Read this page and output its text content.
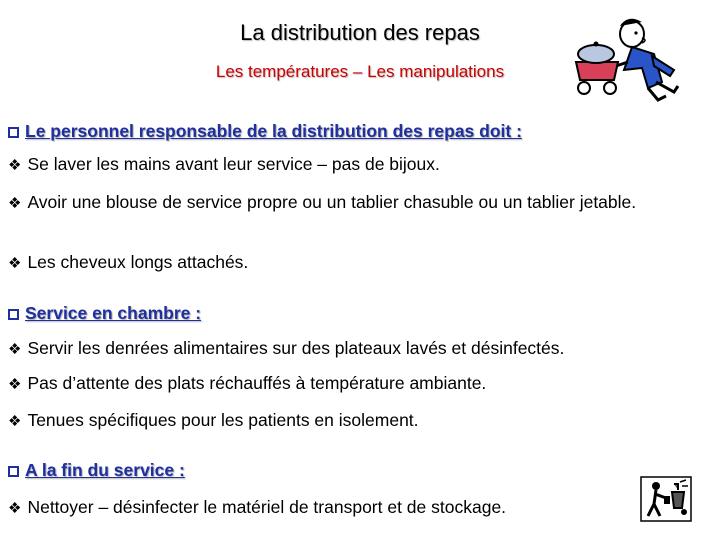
La distribution des repas
Les températures – Les manipulations
Le personnel responsable de la distribution des repas doit :
❖ Se laver les mains avant leur service – pas de bijoux.
❖ Avoir une blouse de service propre ou un tablier chasuble ou un tablier jetable.
❖ Les cheveux longs attachés.
Service en chambre :
❖ Servir les denrées alimentaires sur des plateaux lavés et désinfectés.
❖ Pas d’attente des plats réchauffés à température ambiante.
❖ Tenues spécifiques pour les patients en isolement.
A la fin du service :
❖ Nettoyer – désinfecter le matériel de transport et de stockage.
